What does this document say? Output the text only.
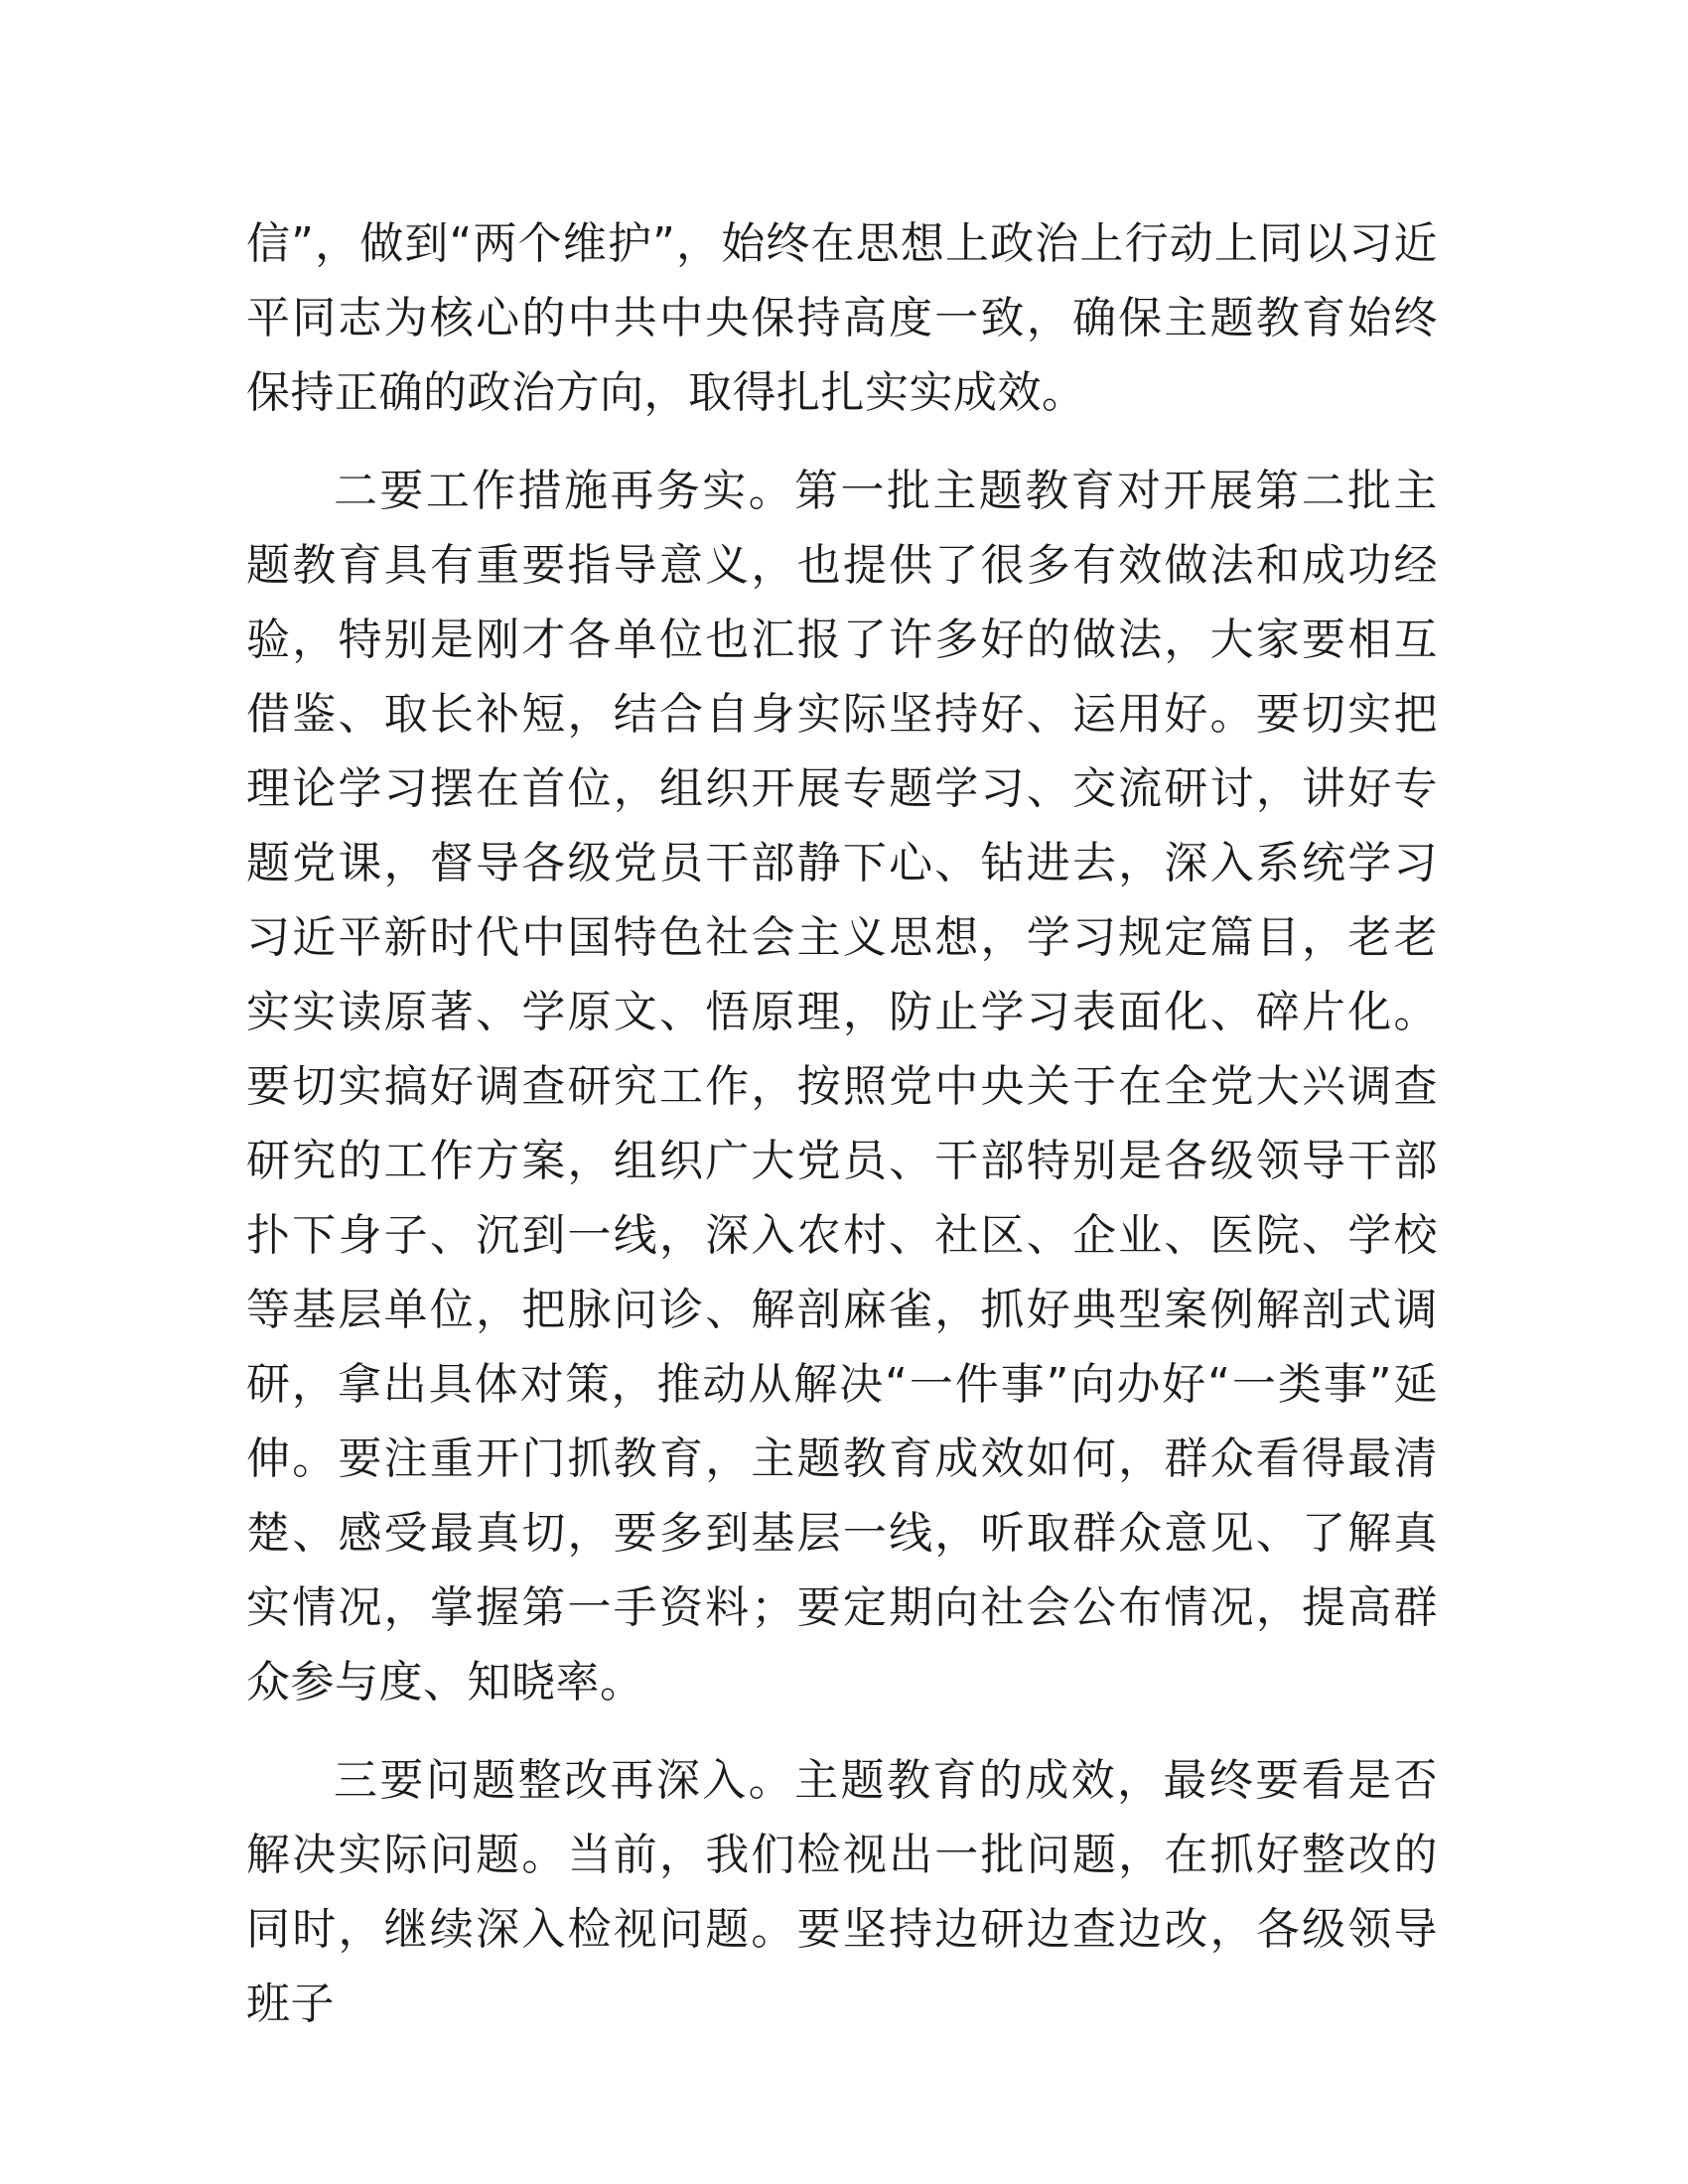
信”，做到“两个维护”，始终在思想上政治上行动上同以习近平同志为核心的中共中央保持高度一致，确保主题教育始终保持正确的政治方向，取得扎扎实实成效。

二要工作措施再务实。第一批主题教育对开展第二批主题教育具有重要指导意义，也提供了很多有效做法和成功经验，特别是刚才各单位也汇报了许多好的做法，大家要相互借鉴、取长补短，结合自身实际坚持好、运用好。要切实把理论学习摆在首位，组织开展专题学习、交流研讨，讲好专题党课，督导各级党员干部静下心、钻进去，深入系统学习习近平新时代中国特色社会主义思想，学习规定篇目，老老实实读原著、学原文、悟原理，防止学习表面化、碎片化。要切实搞好调查研究工作，按照党中央关于在全党大兴调查研究的工作方案，组织广大党员、干部特别是各级领导干部扑下身子、沉到一线，深入农村、社区、企业、医院、学校等基层单位，把脉问诊、解剖麻雀，抓好典型案例解剖式调研，拿出具体对策，推动从解决“一件事”向办好“一类事”延伸。要注重开门抓教育，主题教育成效如何，群众看得最清楚、感受最真切，要多到基层一线，听取群众意见、了解真实情况，掌握第一手资料；要定期向社会公布情况，提高群众参与度、知晓率。

三要问题整改再深入。主题教育的成效，最终要看是否解决实际问题。当前，我们检视出一批问题，在抓好整改的同时，继续深入检视问题。要坚持边研边查边改，各级领导班子
